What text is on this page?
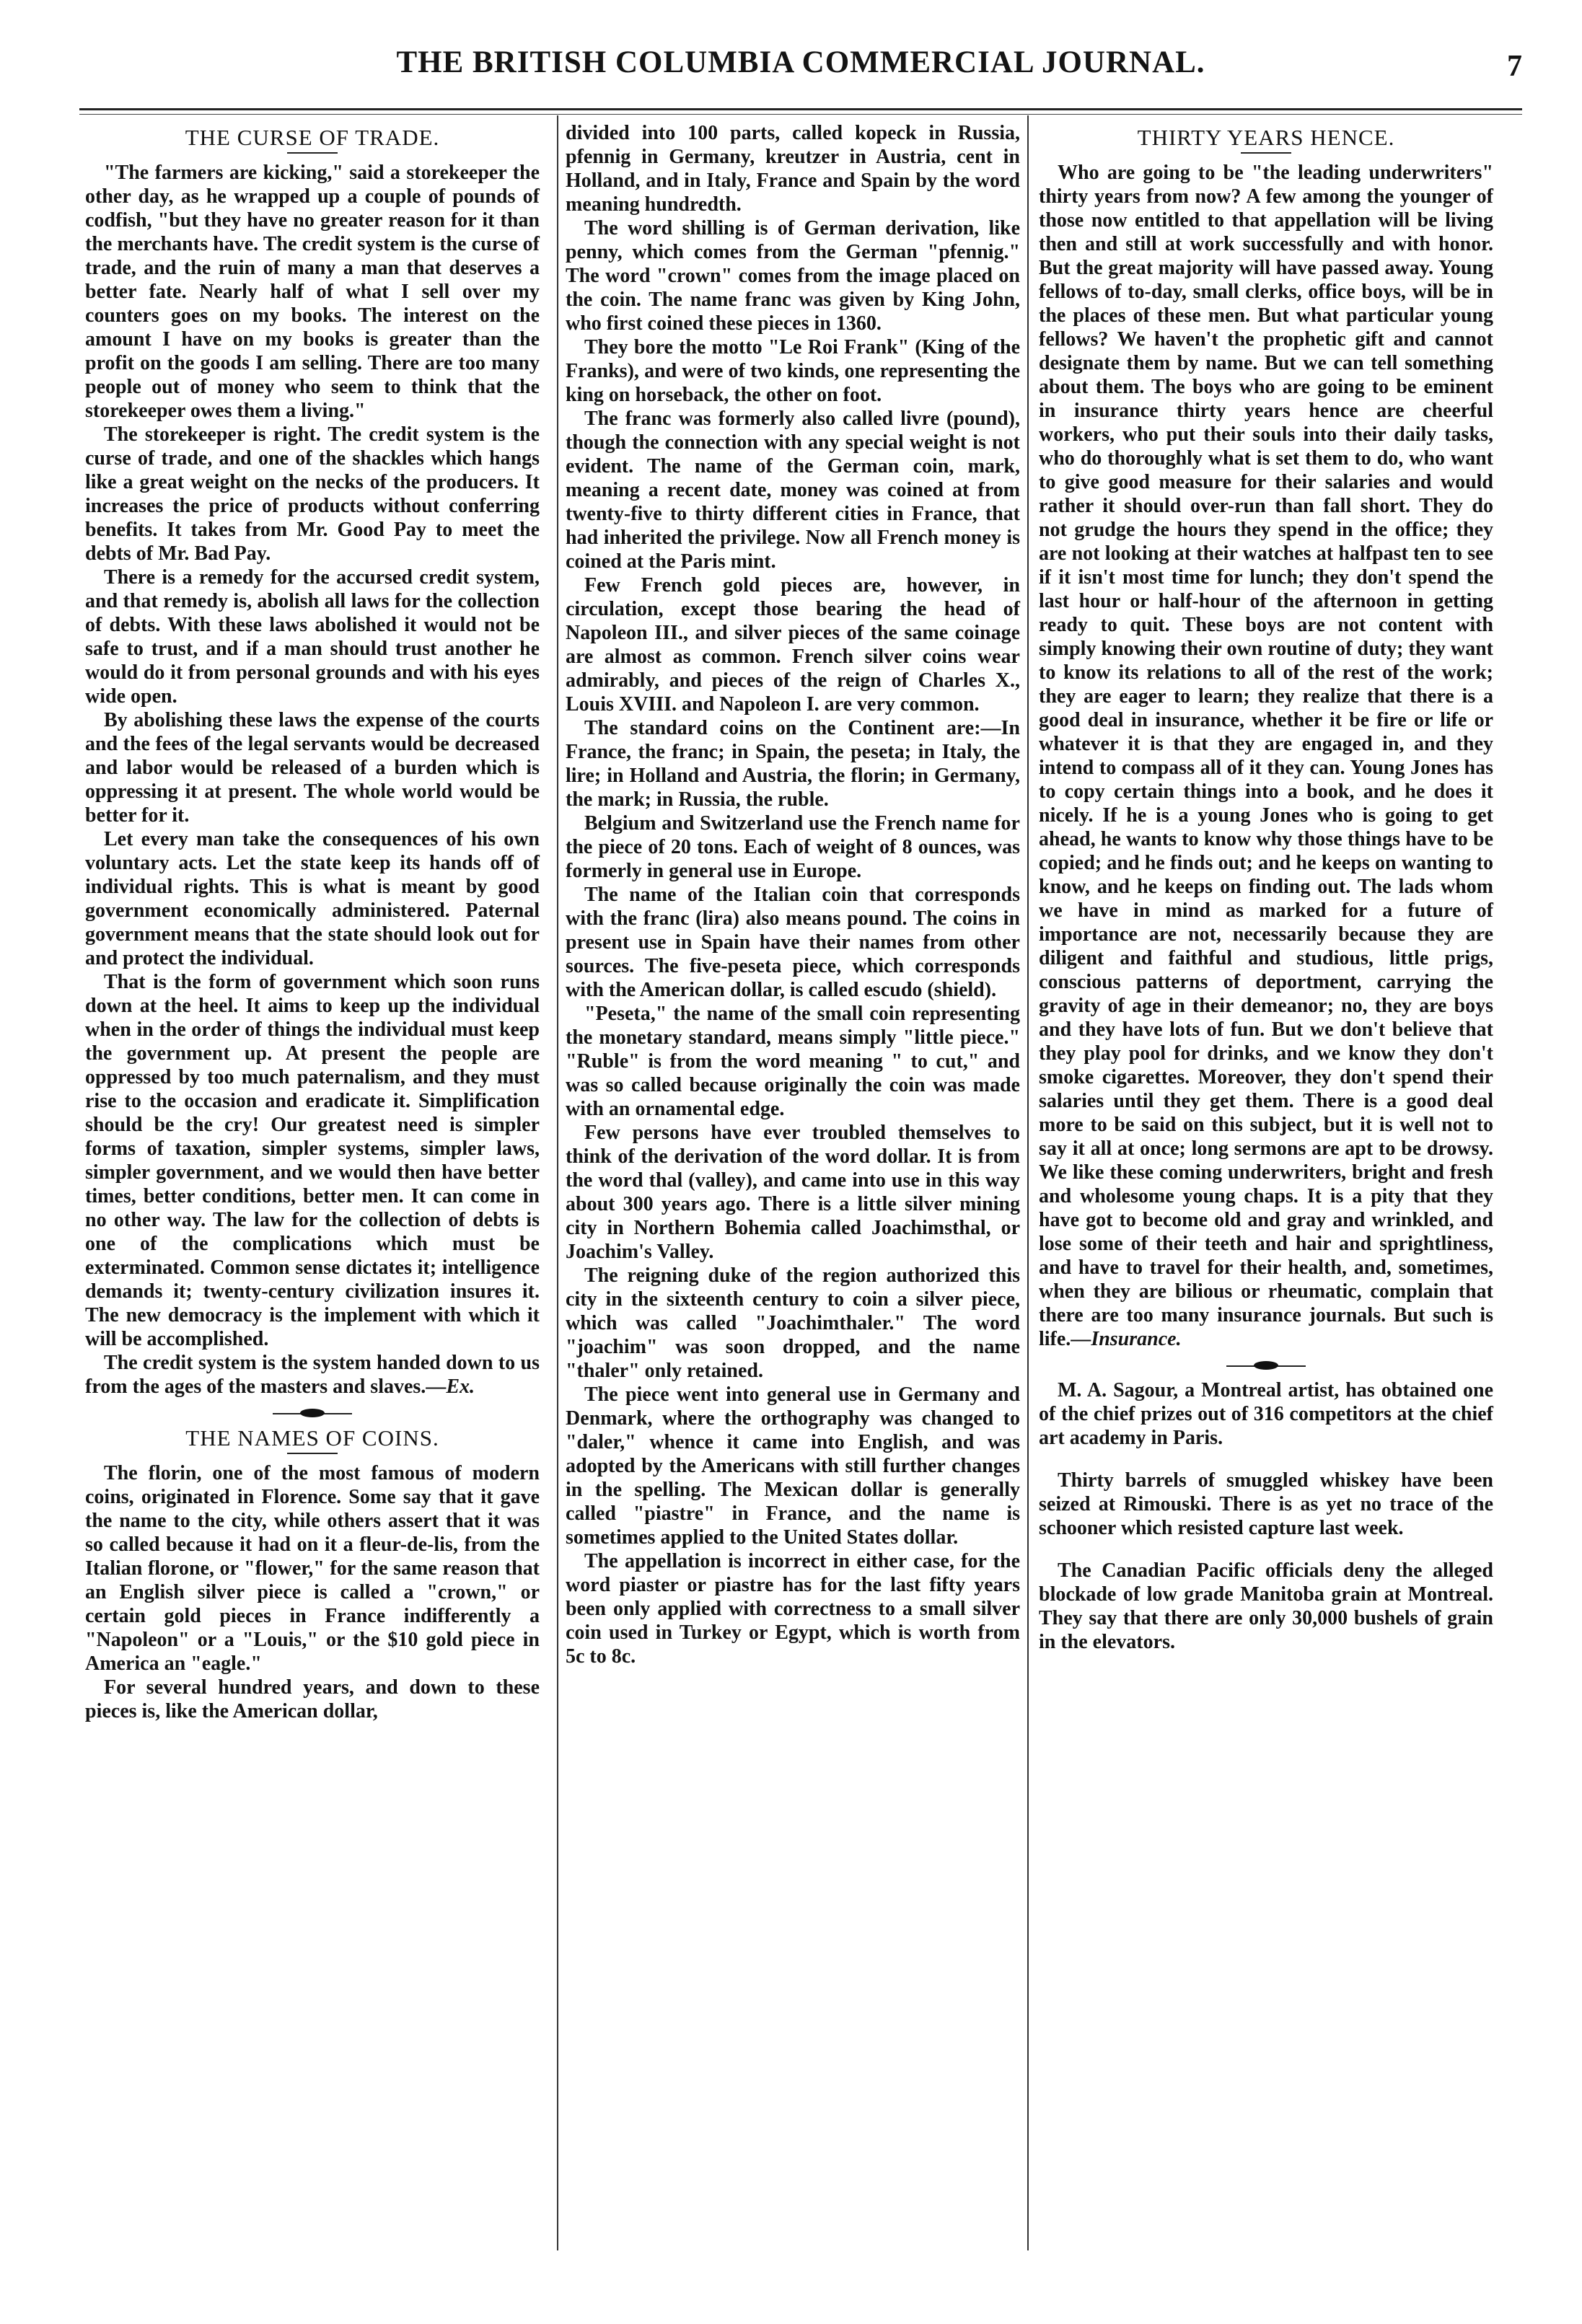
THE BRITISH COLUMBIA COMMERCIAL JOURNAL.	7
THE CURSE OF TRADE.

"The farmers are kicking," said a storekeeper the other day, as he wrapped up a couple of pounds of codfish, "but they have no greater reason for it than the merchants have. The credit system is the curse of trade, and the ruin of many a man that deserves a better fate. Nearly half of what I sell over my counters goes on my books. The interest on the amount I have on my books is greater than the profit on the goods I am selling. There are too many people out of money who seem to think that the storekeeper owes them a living."

The storekeeper is right. The credit system is the curse of trade, and one of the shackles which hangs like a great weight on the necks of the producers. It increases the price of products without conferring benefits. It takes from Mr. Good Pay to meet the debts of Mr. Bad Pay.

There is a remedy for the accursed credit system, and that remedy is, abolish all laws for the collection of debts. With these laws abolished it would not be safe to trust, and if a man should trust another he would do it from personal grounds and with his eyes wide open.

By abolishing these laws the expense of the courts and the fees of the legal servants would be decreased and labor would be released of a burden which is oppressing it at present. The whole world would be better for it.

Let every man take the consequences of his own voluntary acts. Let the state keep its hands off of individual rights. This is what is meant by good government economically administered. Paternal government means that the state should look out for and protect the individual.

That is the form of government which soon runs down at the heel. It aims to keep up the individual when in the order of things the individual must keep the government up. At present the people are oppressed by too much paternalism, and they must rise to the occasion and eradicate it. Simplification should be the cry! Our greatest need is simpler forms of taxation, simpler systems, simpler laws, simpler government, and we would then have better times, better conditions, better men. It can come in no other way. The law for the collection of debts is one of the complications which must be exterminated. Common sense dictates it; intelligence demands it; twenty-century civilization insures it. The new democracy is the implement with which it will be accomplished.

The credit system is the system handed down to us from the ages of the masters and slaves.—Ex.

THE NAMES OF COINS.

The florin, one of the most famous of modern coins, originated in Florence. Some say that it gave the name to the city, while others assert that it was so called because it had on it a fleur-de-lis, from the Italian florone, or "flower," for the same reason that an English silver piece is called a "crown," or certain gold pieces in France indifferently a "Napoleon" or a "Louis," or the $10 gold piece in America an "eagle."

For several hundred years, and down to these pieces is, like the American dollar,

divided into 100 parts, called kopeck in Russia, pfennig in Germany, kreutzer in Austria, cent in Holland, and in Italy, France and Spain by the word meaning hundredth.

The word shilling is of German derivation, like penny, which comes from the German "pfennig." The word "crown" comes from the image placed on the coin. The name franc was given by King John, who first coined these pieces in 1360.

They bore the motto "Le Roi Frank" (King of the Franks), and were of two kinds, one representing the king on horseback, the other on foot.

The franc was formerly also called livre (pound), though the connection with any special weight is not evident. The name of the German coin, mark, meaning a recent date, money was coined at from twenty-five to thirty different cities in France, that had inherited the privilege. Now all French money is coined at the Paris mint.

Few French gold pieces are, however, in circulation, except those bearing the head of Napoleon III., and silver pieces of the same coinage are almost as common. French silver coins wear admirably, and pieces of the reign of Charles X., Louis XVIII. and Napoleon I. are very common.

The standard coins on the Continent are:—In France, the franc; in Spain, the peseta; in Italy, the lire; in Holland and Austria, the florin; in Germany, the mark; in Russia, the ruble.

Belgium and Switzerland use the French name for the piece of 20 tons. Each of weight of 8 ounces, was formerly in general use in Europe.

The name of the Italian coin that corresponds with the franc (lira) also means pound. The coins in present use in Spain have their names from other sources. The five-peseta piece, which corresponds with the American dollar, is called escudo (shield).

"Peseta," the name of the small coin representing the monetary standard, means simply "little piece." "Ruble" is from the word meaning " to cut," and was so called because originally the coin was made with an ornamental edge.

Few persons have ever troubled themselves to think of the derivation of the word dollar. It is from the word thal (valley), and came into use in this way about 300 years ago. There is a little silver mining city in Northern Bohemia called Joachimsthal, or Joachim's Valley.

The reigning duke of the region authorized this city in the sixteenth century to coin a silver piece, which was called "Joachimthaler." The word "joachim" was soon dropped, and the name "thaler" only retained.

The piece went into general use in Germany and Denmark, where the orthography was changed to "daler," whence it came into English, and was adopted by the Americans with still further changes in the spelling. The Mexican dollar is generally called "piastre" in France, and the name is sometimes applied to the United States dollar.

The appellation is incorrect in either case, for the word piaster or piastre has for the last fifty years been only applied with correctness to a small silver coin used in Turkey or Egypt, which is worth from 5c to 8c.

THIRTY YEARS HENCE.

Who are going to be "the leading underwriters" thirty years from now? A few among the younger of those now entitled to that appellation will be living then and still at work successfully and with honor. But the great majority will have passed away. Young fellows of to-day, small clerks, office boys, will be in the places of these men. But what particular young fellows? We haven't the prophetic gift and cannot designate them by name. But we can tell something about them. The boys who are going to be eminent in insurance thirty years hence are cheerful workers, who put their souls into their daily tasks, who do thoroughly what is set them to do, who want to give good measure for their salaries and would rather it should over-run than fall short. They do not grudge the hours they spend in the office; they are not looking at their watches at halfpast ten to see if it isn't most time for lunch; they don't spend the last hour or half-hour of the afternoon in getting ready to quit. These boys are not content with simply knowing their own routine of duty; they want to know its relations to all of the rest of the work; they are eager to learn; they realize that there is a good deal in insurance, whether it be fire or life or whatever it is that they are engaged in, and they intend to compass all of it they can. Young Jones has to copy certain things into a book, and he does it nicely. If he is a young Jones who is going to get ahead, he wants to know why those things have to be copied; and he finds out; and he keeps on wanting to know, and he keeps on finding out. The lads whom we have in mind as marked for a future of importance are not, necessarily because they are diligent and faithful and studious, little prigs, conscious patterns of deportment, carrying the gravity of age in their demeanor; no, they are boys and they have lots of fun. But we don't believe that they play pool for drinks, and we know they don't smoke cigarettes. Moreover, they don't spend their salaries until they get them. There is a good deal more to be said on this subject, but it is well not to say it all at once; long sermons are apt to be drowsy. We like these coming underwriters, bright and fresh and wholesome young chaps. It is a pity that they have got to become old and gray and wrinkled, and lose some of their teeth and hair and sprightliness, and have to travel for their health, and, sometimes, when they are bilious or rheumatic, complain that there are too many insurance journals. But such is life.—Insurance.

M. A. Sagour, a Montreal artist, has obtained one of the chief prizes out of 316 competitors at the chief art academy in Paris.

Thirty barrels of smuggled whiskey have been seized at Rimouski. There is as yet no trace of the schooner which resisted capture last week.

The Canadian Pacific officials deny the alleged blockade of low grade Manitoba grain at Montreal. They say that there are only 30,000 bushels of grain in the elevators.
